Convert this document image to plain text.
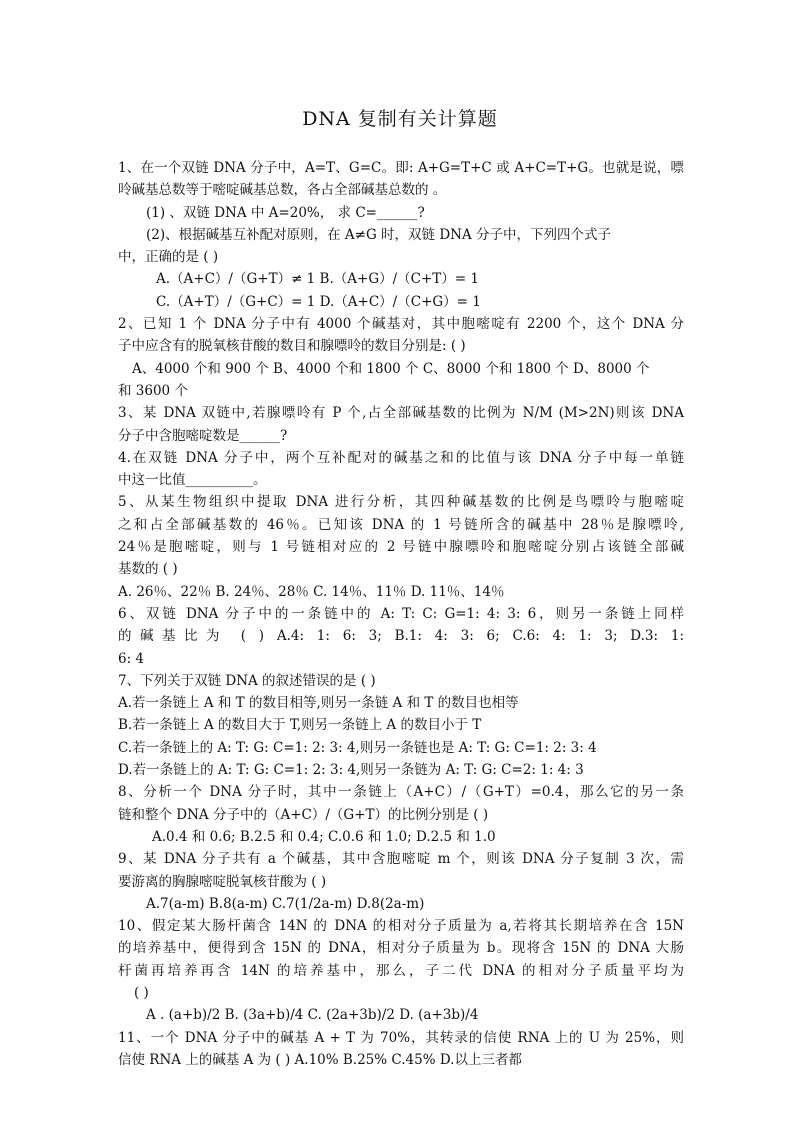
DNA 复制有关计算题
1、在一个双链 DNA 分子中，A=T、G=C。即: A+G=T+C 或 A+C=T+G。也就是说，嘌
呤碱基总数等于嘧啶碱基总数，各占全部碱基总数的 。
(1) 、双链 DNA 中 A=20%， 求 C=______?
(2)、根据碱基互补配对原则，在 A≠G 时，双链 DNA 分子中，下列四个式子
中，正确的是 ( )
A.（A+C）/（G+T）≠ 1 B.（A+G）/（C+T）= 1
C.（A+T）/（G+C）= 1 D.（A+C）/（C+G）= 1
2、已知 1 个 DNA 分子中有 4000 个碱基对，其中胞嘧啶有 2200 个，这个 DNA 分
子中应含有的脱氧核苷酸的数目和腺嘌呤的数目分别是: ( )
A、4000 个和 900 个 B、4000 个和 1800 个 C、8000 个和 1800 个 D、8000 个
和 3600 个
3、某 DNA 双链中,若腺嘌呤有 P 个,占全部碱基数的比例为 N/M (M>2N)则该 DNA
分子中含胞嘧啶数是______?
4.在双链 DNA 分子中，两个互补配对的碱基之和的比值与该 DNA 分子中每一单链
中这一比值__________。
5、从某生物组织中提取 DNA 进行分析，其四种碱基数的比例是鸟嘌呤与胞嘧啶
之和占全部碱基数的 46％。已知该 DNA 的 1 号链所含的碱基中 28％是腺嘌呤,
24％是胞嘧啶，则与 1 号链相对应的 2 号链中腺嘌呤和胞嘧啶分别占该链全部碱
基数的 ( )
A. 26％、22％ B. 24％、28％ C. 14％、11％ D. 11％、14％
6、双链 DNA 分子中的一条链中的 A: T: C: G=1: 4: 3: 6，则另一条链上同样
的碱基比为 ( ) A.4: 1: 6: 3; B.1: 4: 3: 6; C.6: 4: 1: 3; D.3: 1:
6: 4
7、下列关于双链 DNA 的叙述错误的是 ( )
A.若一条链上 A 和 T 的数目相等,则另一条链 A 和 T 的数目也相等
B.若一条链上 A 的数目大于 T,则另一条链上 A 的数目小于 T
C.若一条链上的 A: T: G: C=1: 2: 3: 4,则另一条链也是 A: T: G: C=1: 2: 3: 4
D.若一条链上的 A: T: G: C=1: 2: 3: 4,则另一条链为 A: T: G: C=2: 1: 4: 3
8、分析一个 DNA 分子时，其中一条链上（A+C）/（G+T）=0.4，那么它的另一条
链和整个 DNA 分子中的（A+C）/（G+T）的比例分别是 ( )
A.0.4 和 0.6; B.2.5 和 0.4; C.0.6 和 1.0; D.2.5 和 1.0
9、某 DNA 分子共有 a 个碱基，其中含胞嘧啶 m 个，则该 DNA 分子复制 3 次，需
要游离的胸腺嘧啶脱氧核苷酸为 ( )
A.7(a-m) B.8(a-m) C.7(1/2a-m) D.8(2a-m)
10、假定某大肠杆菌含 14N 的 DNA 的相对分子质量为 a,若将其长期培养在含 15N
的培养基中，便得到含 15N 的 DNA，相对分子质量为 b。现将含 15N 的 DNA 大肠
杆菌再培养再含 14N 的培养基中，那么，子二代 DNA 的相对分子质量平均为
( )
A . (a+b)/2 B. (3a+b)/4 C. (2a+3b)/2 D. (a+3b)/4
11、一个 DNA 分子中的碱基 A + T 为 70%，其转录的信使 RNA 上的 U 为 25%，则
信使 RNA 上的碱基 A 为 ( ) A.10% B.25% C.45% D.以上三者都
